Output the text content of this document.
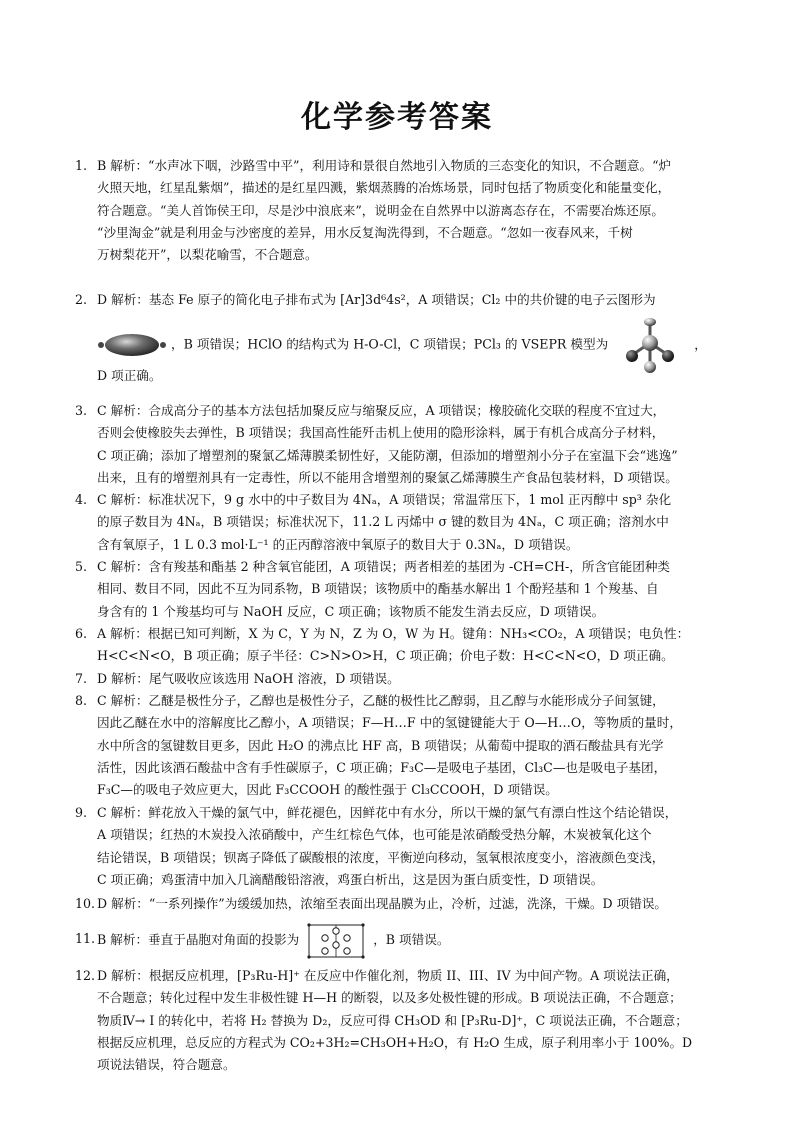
化学参考答案
1. B 解析：“水声冰下咽，沙路雪中平”，利用诗和景很自然地引入物质的三态变化的知识，不合题意。“炉
火照天地，红星乱紫烟”，描述的是红星四溅，紫烟蒸腾的冶炼场景，同时包括了物质变化和能量变化，
符合题意。“美人首饰侯王印，尽是沙中浪底来”，说明金在自然界中以游离态存在，不需要冶炼还原。
“沙里淘金”就是利用金与沙密度的差异，用水反复淘洗得到，不合题意。“忽如一夜春风来，千树
万树梨花开”，以梨花喻雪，不合题意。
2. D 解析：基态 Fe 原子的简化电子排布式为 [Ar]3d⁶4s²，A 项错误；Cl₂ 中的共价键的电子云图形为
，B 项错误；HClO 的结构式为 H-O-Cl，C 项错误；PCl₃ 的 VSEPR 模型为	，
D 项正确。
3. C 解析：合成高分子的基本方法包括加聚反应与缩聚反应，A 项错误；橡胶硫化交联的程度不宜过大，
否则会使橡胶失去弹性，B 项错误；我国高性能歼击机上使用的隐形涂料，属于有机合成高分子材料，
C 项正确；添加了增塑剂的聚氯乙烯薄膜柔韧性好，又能防潮，但添加的增塑剂小分子在室温下会“逃逸”
出来，且有的增塑剂具有一定毒性，所以不能用含增塑剂的聚氯乙烯薄膜生产食品包装材料，D 项错误。
4. C 解析：标准状况下，9 g 水中的中子数目为 4Nₐ，A 项错误；常温常压下，1 mol 正丙醇中 sp³ 杂化
的原子数目为 4Nₐ，B 项错误；标准状况下，11.2 L 丙烯中 σ 键的数目为 4Nₐ，C 项正确；溶剂水中
含有氧原子，1 L 0.3 mol·L⁻¹ 的正丙醇溶液中氧原子的数目大于 0.3Nₐ，D 项错误。
5. C 解析：含有羧基和酯基 2 种含氧官能团，A 项错误；两者相差的基团为 -CH=CH-，所含官能团种类
相同、数目不同，因此不互为同系物，B 项错误；该物质中的酯基水解出 1 个酚羟基和 1 个羧基、自
身含有的 1 个羧基均可与 NaOH 反应，C 项正确；该物质不能发生消去反应，D 项错误。
6. A 解析：根据已知可判断，X 为 C，Y 为 N，Z 为 O，W 为 H。键角：NH₃<CO₂，A 项错误；电负性：
H<C<N<O，B 项正确；原子半径：C>N>O>H，C 项正确；价电子数：H<C<N<O，D 项正确。
7. D 解析：尾气吸收应该选用 NaOH 溶液，D 项错误。
8. C 解析：乙醚是极性分子，乙醇也是极性分子，乙醚的极性比乙醇弱，且乙醇与水能形成分子间氢键，
因此乙醚在水中的溶解度比乙醇小，A 项错误；F—H…F 中的氢键键能大于 O—H…O，等物质的量时，
水中所含的氢键数目更多，因此 H₂O 的沸点比 HF 高，B 项错误；从葡萄中提取的酒石酸盐具有光学
活性，因此该酒石酸盐中含有手性碳原子，C 项正确；F₃C—是吸电子基团，Cl₃C—也是吸电子基团，
F₃C—的吸电子效应更大，因此 F₃CCOOH 的酸性强于 Cl₃CCOOH，D 项错误。
9. C 解析：鲜花放入干燥的氯气中，鲜花褪色，因鲜花中有水分，所以干燥的氯气有漂白性这个结论错误，
A 项错误；红热的木炭投入浓硝酸中，产生红棕色气体，也可能是浓硝酸受热分解，木炭被氧化这个
结论错误，B 项错误；钡离子降低了碳酸根的浓度，平衡逆向移动，氢氧根浓度变小，溶液颜色变浅，
C 项正确；鸡蛋清中加入几滴醋酸铅溶液，鸡蛋白析出，这是因为蛋白质变性，D 项错误。
10. D 解析：“一系列操作”为缓缓加热，浓缩至表面出现晶膜为止，冷析，过滤，洗涤，干燥。D 项错误。
11. B 解析：垂直于晶胞对角面的投影为	，B 项错误。
12. D 解析：根据反应机理，[P₃Ru-H]⁺ 在反应中作催化剂，物质 II、III、IV 为中间产物。A 项说法正确，
不合题意；转化过程中发生非极性键 H—H 的断裂，以及多处极性键的形成。B 项说法正确，不合题意；
物质Ⅳ→ I 的转化中，若将 H₂ 替换为 D₂，反应可得 CH₃OD 和 [P₃Ru-D]⁺，C 项说法正确，不合题意；
根据反应机理，总反应的方程式为 CO₂+3H₂=CH₃OH+H₂O，有 H₂O 生成，原子利用率小于 100%。D
项说法错误，符合题意。
